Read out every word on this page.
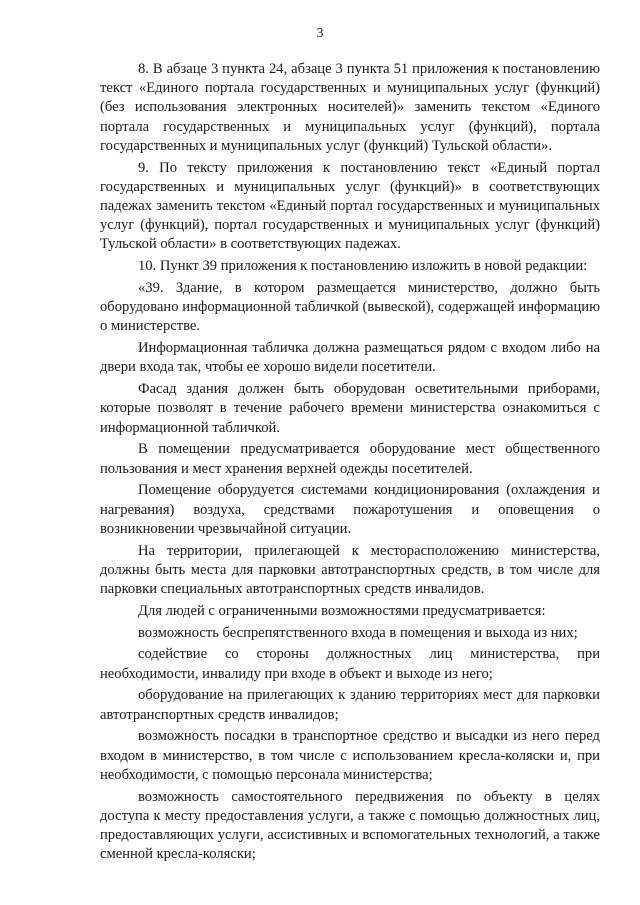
3

8. В абзаце 3 пункта 24, абзаце 3 пункта 51 приложения к постановлению текст «Единого портала государственных и муниципальных услуг (функций) (без использования электронных носителей)» заменить текстом «Единого портала государственных и муниципальных услуг (функций), портала государственных и муниципальных услуг (функций) Тульской области».

9. По тексту приложения к постановлению текст «Единый портал государственных и муниципальных услуг (функций)» в соответствующих падежах заменить текстом «Единый портал государственных и муниципальных услуг (функций), портал государственных и муниципальных услуг (функций) Тульской области» в соответствующих падежах.

10. Пункт 39 приложения к постановлению изложить в новой редакции:

«39. Здание, в котором размещается министерство, должно быть оборудовано информационной табличкой (вывеской), содержащей информацию о министерстве.

Информационная табличка должна размещаться рядом с входом либо на двери входа так, чтобы ее хорошо видели посетители.

Фасад здания должен быть оборудован осветительными приборами, которые позволят в течение рабочего времени министерства ознакомиться с информационной табличкой.

В помещении предусматривается оборудование мест общественного пользования и мест хранения верхней одежды посетителей.

Помещение оборудуется системами кондиционирования (охлаждения и нагревания) воздуха, средствами пожаротушения и оповещения о возникновении чрезвычайной ситуации.

На территории, прилегающей к месторасположению министерства, должны быть места для парковки автотранспортных средств, в том числе для парковки специальных автотранспортных средств инвалидов.

Для людей с ограниченными возможностями предусматривается:

возможность беспрепятственного входа в помещения и выхода из них;

содействие со стороны должностных лиц министерства, при необходимости, инвалиду при входе в объект и выходе из него;

оборудование на прилегающих к зданию территориях мест для парковки автотранспортных средств инвалидов;

возможность посадки в транспортное средство и высадки из него перед входом в министерство, в том числе с использованием кресла-коляски и, при необходимости, с помощью персонала министерства;

возможность самостоятельного передвижения по объекту в целях доступа к месту предоставления услуги, а также с помощью должностных лиц, предоставляющих услуги, ассистивных и вспомогательных технологий, а также сменной кресла-коляски;
